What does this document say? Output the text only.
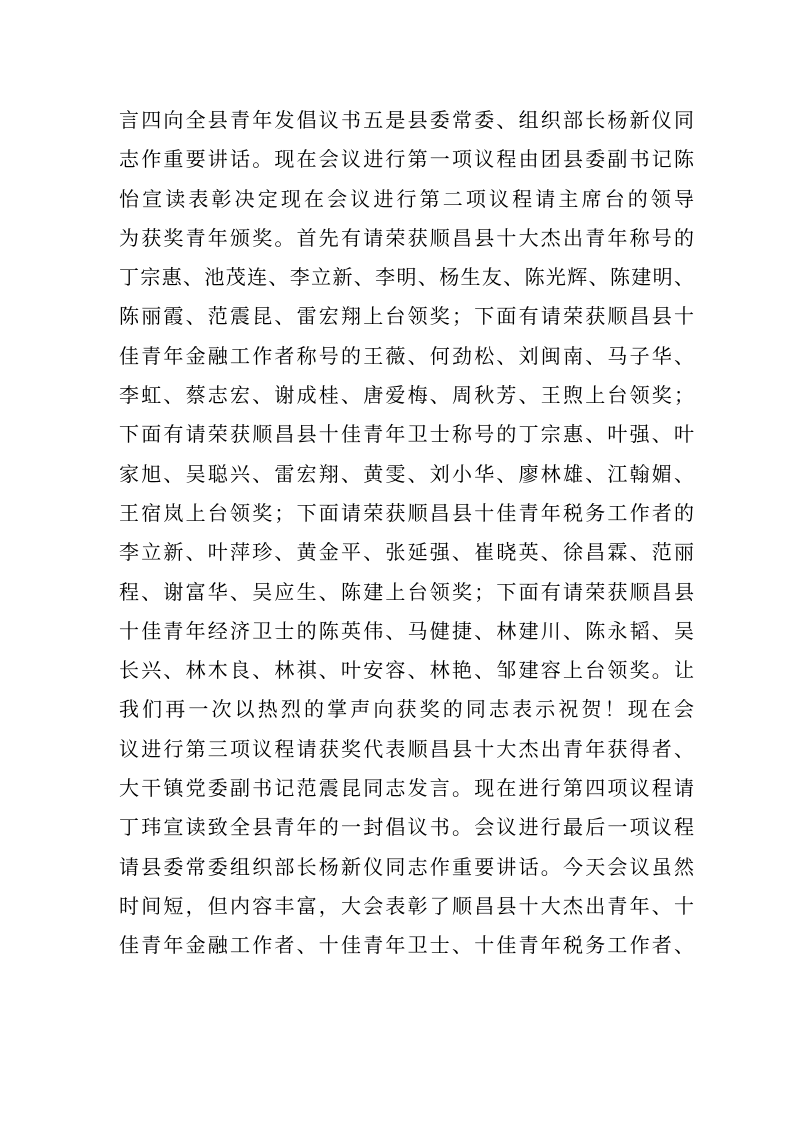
言四向全县青年发倡议书五是县委常委、组织部长杨新仪同
志作重要讲话。现在会议进行第一项议程由团县委副书记陈
怡宣读表彰决定现在会议进行第二项议程请主席台的领导
为获奖青年颁奖。首先有请荣获顺昌县十大杰出青年称号的
丁宗惠、池茂连、李立新、李明、杨生友、陈光辉、陈建明、
陈丽霞、范震昆、雷宏翔上台领奖；下面有请荣获顺昌县十
佳青年金融工作者称号的王薇、何劲松、刘闽南、马子华、
李虹、蔡志宏、谢成桂、唐爱梅、周秋芳、王煦上台领奖；
下面有请荣获顺昌县十佳青年卫士称号的丁宗惠、叶强、叶
家旭、吴聪兴、雷宏翔、黄雯、刘小华、廖林雄、江翰媚、
王宿岚上台领奖；下面请荣获顺昌县十佳青年税务工作者的
李立新、叶萍珍、黄金平、张延强、崔晓英、徐昌霖、范丽
程、谢富华、吴应生、陈建上台领奖；下面有请荣获顺昌县
十佳青年经济卫士的陈英伟、马健捷、林建川、陈永韬、吴
长兴、林木良、林祺、叶安容、林艳、邹建容上台领奖。让
我们再一次以热烈的掌声向获奖的同志表示祝贺！现在会
议进行第三项议程请获奖代表顺昌县十大杰出青年获得者、
大干镇党委副书记范震昆同志发言。现在进行第四项议程请
丁玮宣读致全县青年的一封倡议书。会议进行最后一项议程
请县委常委组织部长杨新仪同志作重要讲话。今天会议虽然
时间短，但内容丰富，大会表彰了顺昌县十大杰出青年、十
佳青年金融工作者、十佳青年卫士、十佳青年税务工作者、
